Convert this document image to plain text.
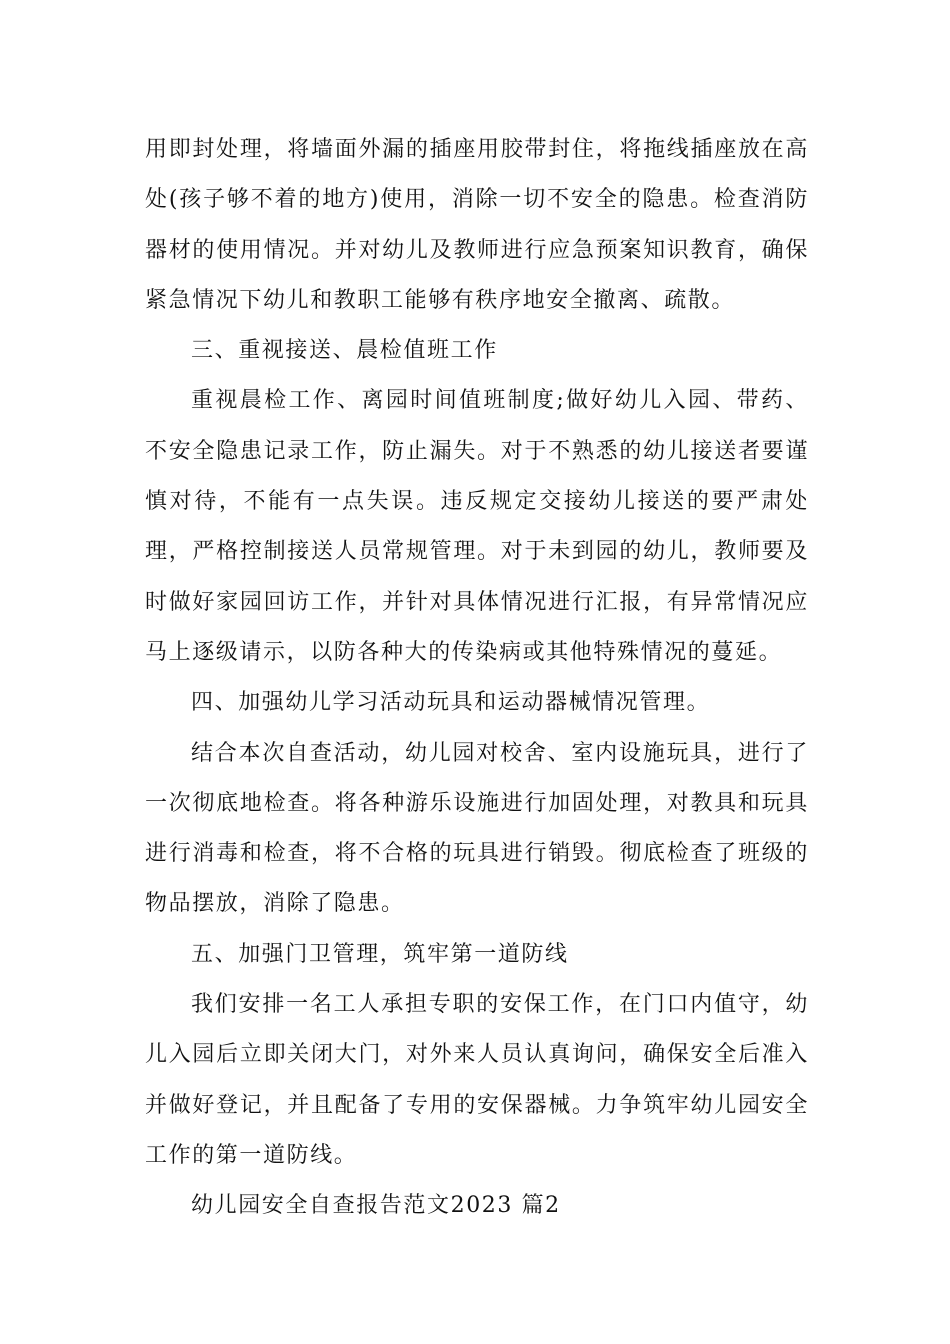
用即封处理，将墙面外漏的插座用胶带封住，将拖线插座放在高处(孩子够不着的地方)使用，消除一切不安全的隐患。检查消防器材的使用情况。并对幼儿及教师进行应急预案知识教育，确保紧急情况下幼儿和教职工能够有秩序地安全撤离、疏散。

三、重视接送、晨检值班工作

重视晨检工作、离园时间值班制度;做好幼儿入园、带药、不安全隐患记录工作，防止漏失。对于不熟悉的幼儿接送者要谨慎对待，不能有一点失误。违反规定交接幼儿接送的要严肃处理，严格控制接送人员常规管理。对于未到园的幼儿，教师要及时做好家园回访工作，并针对具体情况进行汇报，有异常情况应马上逐级请示，以防各种大的传染病或其他特殊情况的蔓延。

四、加强幼儿学习活动玩具和运动器械情况管理。

结合本次自查活动，幼儿园对校舍、室内设施玩具，进行了一次彻底地检查。将各种游乐设施进行加固处理，对教具和玩具进行消毒和检查，将不合格的玩具进行销毁。彻底检查了班级的物品摆放，消除了隐患。

五、加强门卫管理，筑牢第一道防线

我们安排一名工人承担专职的安保工作，在门口内值守，幼儿入园后立即关闭大门，对外来人员认真询问，确保安全后准入并做好登记，并且配备了专用的安保器械。力争筑牢幼儿园安全工作的第一道防线。

幼儿园安全自查报告范文2023 篇2
